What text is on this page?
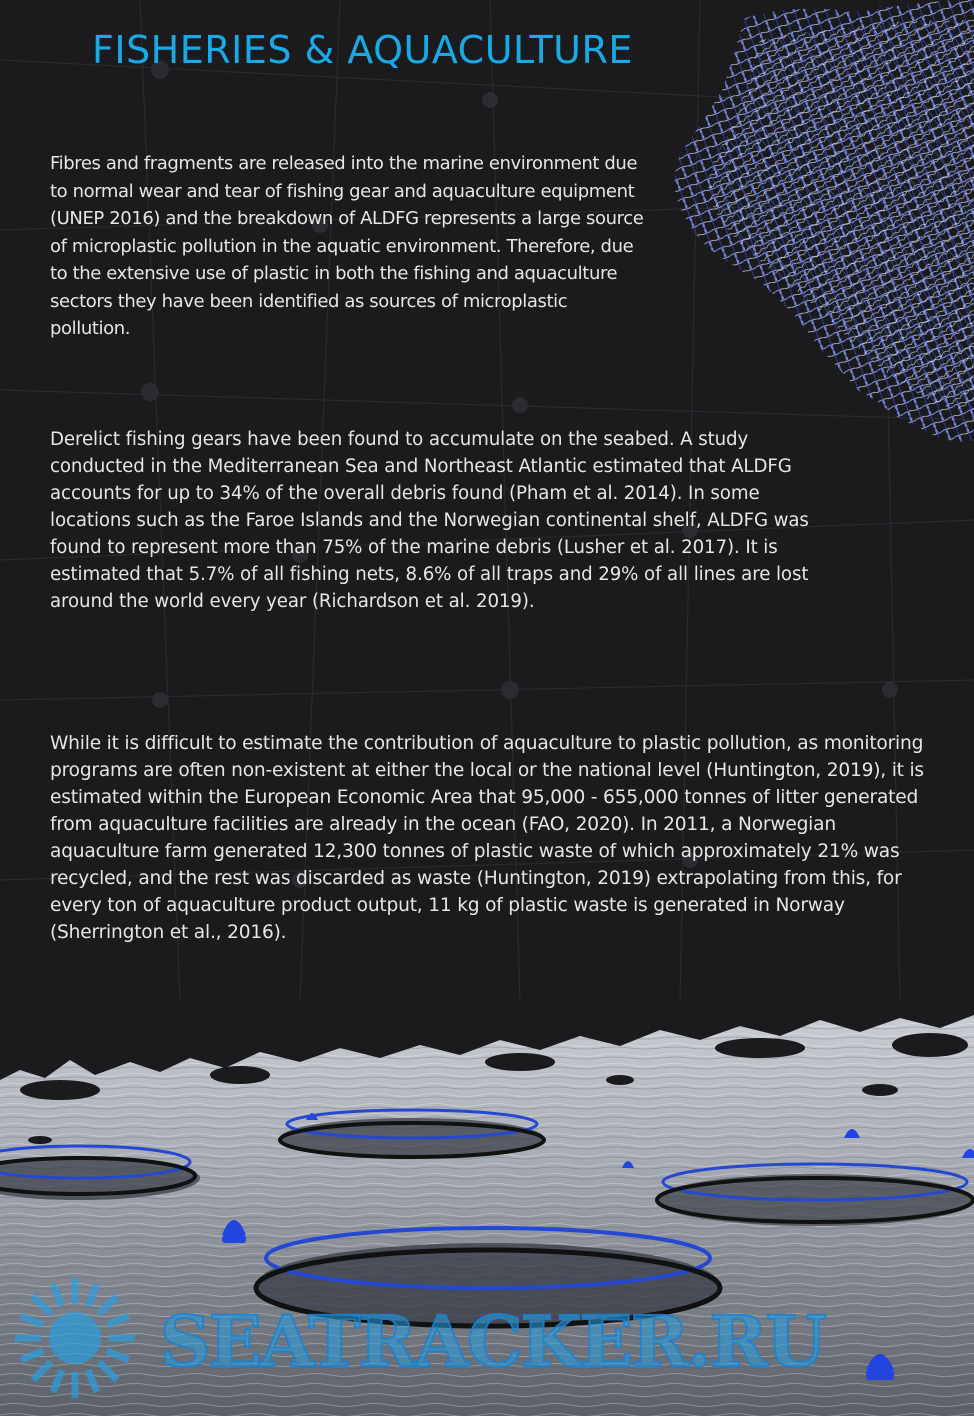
FISHERIES & AQUACULTURE

Fibres and fragments are released into the marine environment due to normal wear and tear of fishing gear and aquaculture equipment (UNEP 2016) and the breakdown of ALDFG represents a large source of microplastic pollution in the aquatic environment. Therefore, due to the extensive use of plastic in both the fishing and aquaculture sectors they have been identified as sources of microplastic pollution.

Derelict fishing gears have been found to accumulate on the seabed. A study conducted in the Mediterranean Sea and Northeast Atlantic estimated that ALDFG accounts for up to 34% of the overall debris found (Pham et al. 2014). In some locations such as the Faroe Islands and the Norwegian continental shelf, ALDFG was found to represent more than 75% of the marine debris (Lusher et al. 2017). It is estimated that 5.7% of all fishing nets, 8.6% of all traps and 29% of all lines are lost around the world every year (Richardson et al. 2019).

While it is difficult to estimate the contribution of aquaculture to plastic pollution, as monitoring programs are often non-existent at either the local or the national level (Huntington, 2019), it is estimated within the European Economic Area that 95,000 - 655,000 tonnes of litter generated from aquaculture facilities are already in the ocean (FAO, 2020). In 2011, a Norwegian aquaculture farm generated 12,300 tonnes of plastic waste of which approximately 21% was recycled, and the rest was discarded as waste (Huntington, 2019) extrapolating from this, for every ton of aquaculture product output, 11 kg of plastic waste is generated in Norway (Sherrington et al., 2016).

SEATRACKER.RU
